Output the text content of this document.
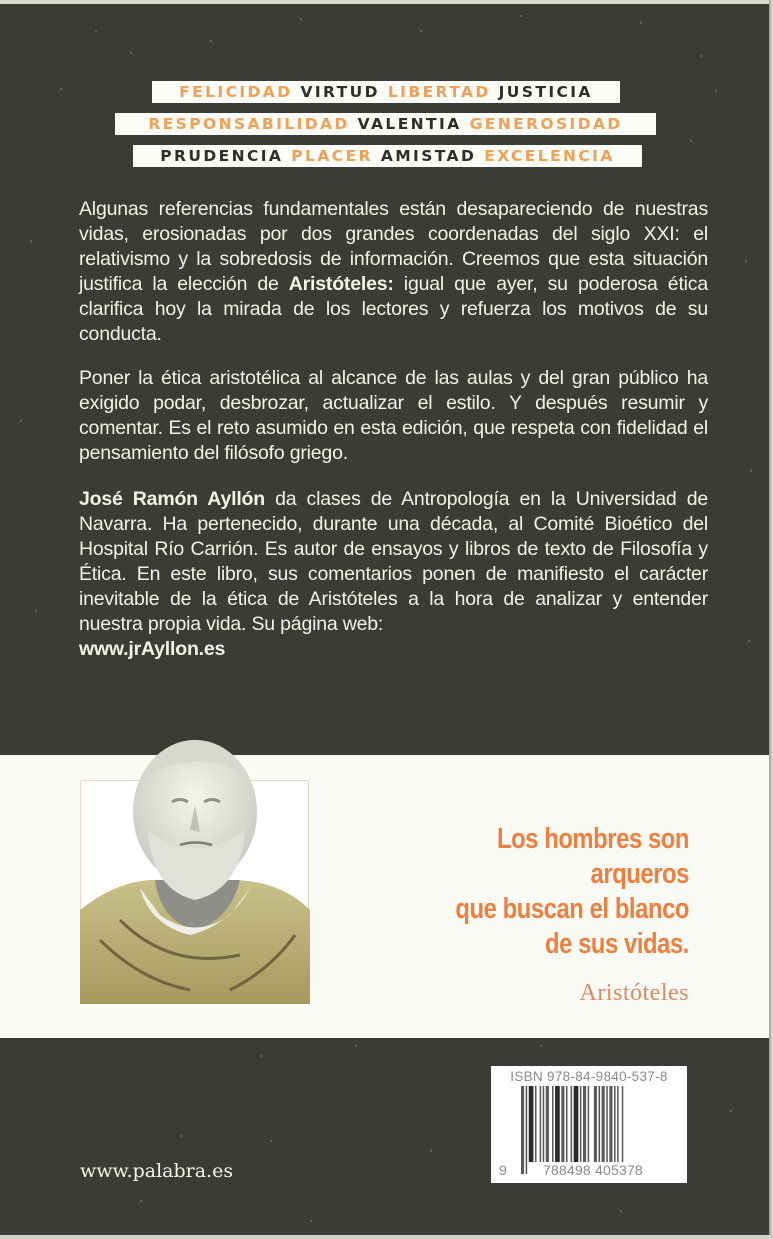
FELICIDAD VIRTUD LIBERTAD JUSTICIA
RESPONSABILIDAD VALENTIA GENEROSIDAD
PRUDENCIA PLACER AMISTAD EXCELENCIA
Algunas referencias fundamentales están desapareciendo de nuestras vidas, erosionadas por dos grandes coordenadas del siglo XXI: el relativismo y la sobredosis de información. Creemos que esta situación justifica la elección de Aristóteles: igual que ayer, su poderosa ética clarifica hoy la mirada de los lectores y refuerza los motivos de su conducta.
Poner la ética aristotélica al alcance de las aulas y del gran público ha exigido podar, desbrozar, actualizar el estilo. Y después resumir y comentar. Es el reto asumido en esta edición, que respeta con fidelidad el pensamiento del filósofo griego.
José Ramón Ayllón da clases de Antropología en la Universidad de Navarra. Ha pertenecido, durante una década, al Comité Bioético del Hospital Río Carrión. Es autor de ensayos y libros de texto de Filosofía y Ética. En este libro, sus comentarios ponen de manifiesto el carácter inevitable de la ética de Aristóteles a la hora de analizar y entender nuestra propia vida. Su página web:
www.jrAyllon.es
Los hombres son arqueros
que buscan el blanco
de sus vidas.
Aristóteles
ISBN 978-84-9840-537-8
9	788498 405378
www.palabra.es
